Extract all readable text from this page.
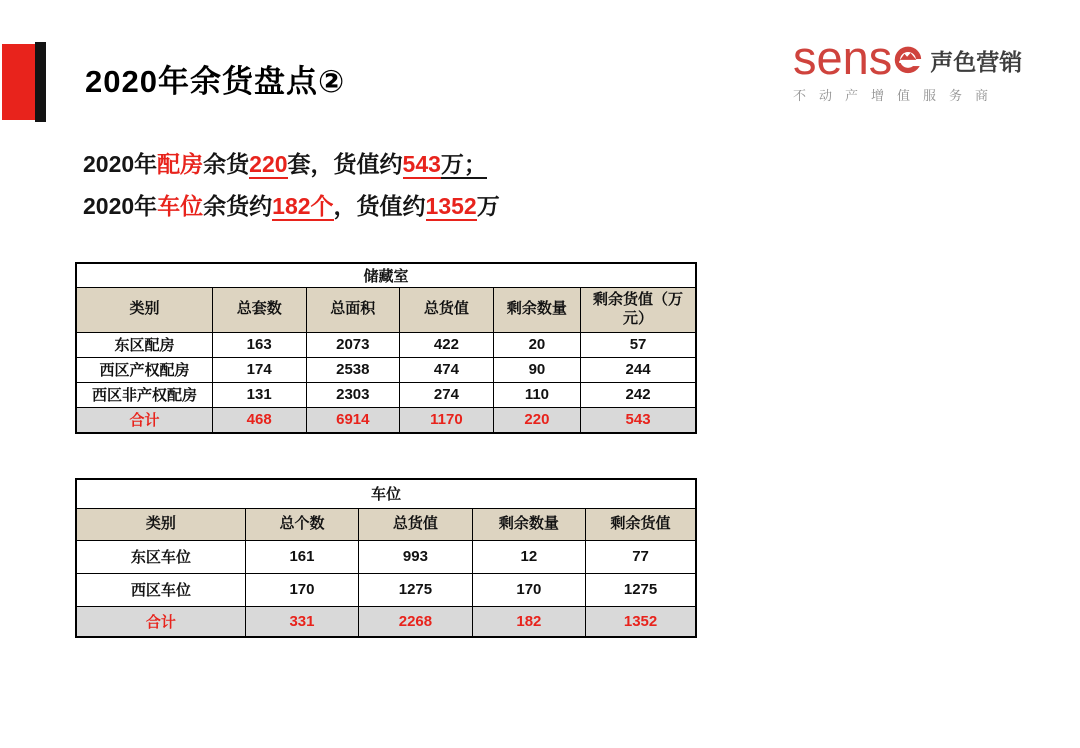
2020年余货盘点②	sens	声色营销
不动产增值服务商
2020年配房余货220套，货值约543万；
2020年车位余货约182个，货值约1352万
储藏室					
类别	总套数	总面积	总货值	剩余数量	剩余货值（万元）
东区配房	163	2073	422	20	57
西区产权配房	174	2538	474	90	244
西区非产权配房	131	2303	274	110	242
合计	468	6914	1170	220	543
车位				
类别	总个数	总货值	剩余数量	剩余货值
东区车位	161	993	12	77
西区车位	170	1275	170	1275
合计	331	2268	182	1352
